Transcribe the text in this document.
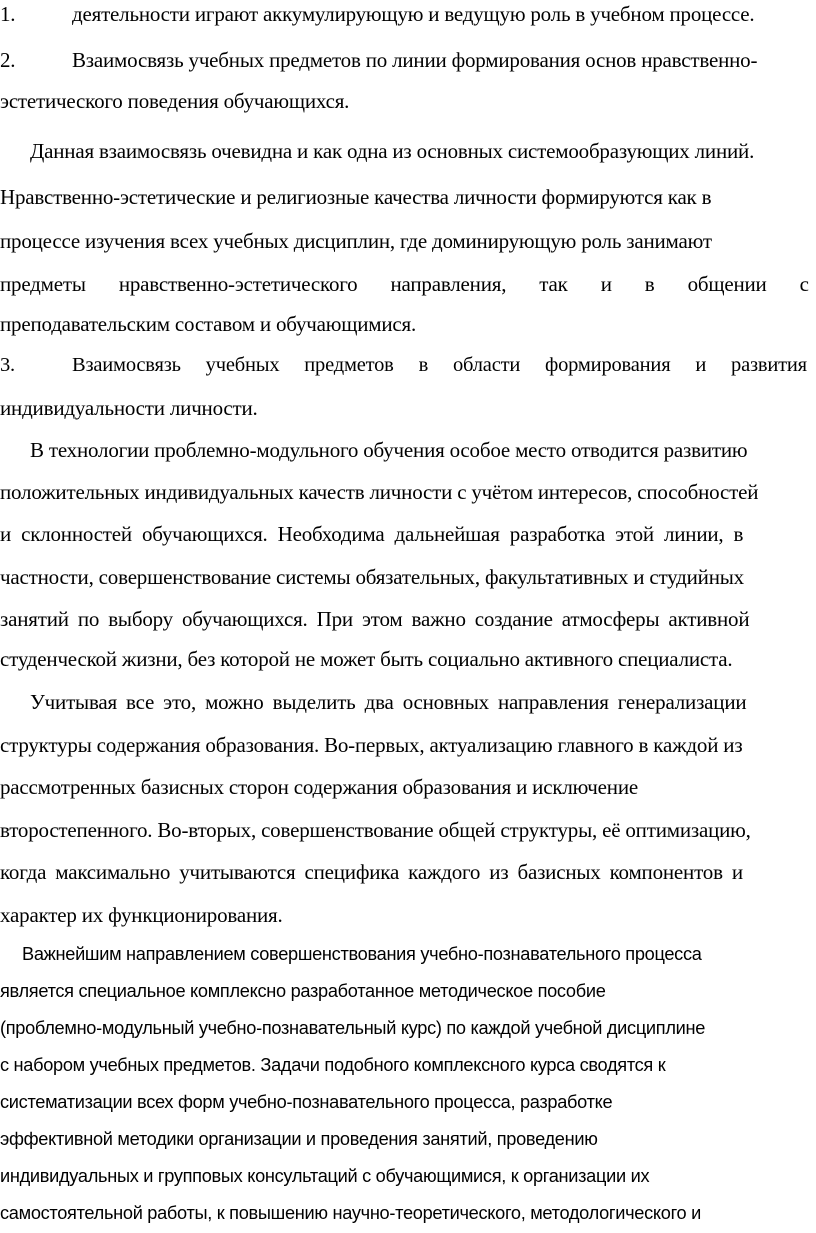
1.	деятельности играют аккумулирующую и ведущую роль в учебном процессе.
2.	Взаимосвязь учебных предметов по линии формирования основ нравственно-
эстетического поведения обучающихся.
Данная взаимосвязь очевидна и как одна из основных системообразующих линий.
Нравственно-эстетические и религиозные качества личности формируются как в
процессе изучения всех учебных дисциплин, где доминирующую роль занимают
предметы нравственно-эстетического направления, так и в общении с
преподавательским составом и обучающимися.
3.	Взаимосвязь учебных предметов в области формирования и развития
индивидуальности личности.
В технологии проблемно-модульного обучения особое место отводится развитию
положительных индивидуальных качеств личности с учётом интересов, способностей
и склонностей обучающихся. Необходима дальнейшая разработка этой линии, в
частности, совершенствование системы обязательных, факультативных и студийных
занятий по выбору обучающихся. При этом важно создание атмосферы активной
студенческой жизни, без которой не может быть социально активного специалиста.
Учитывая все это, можно выделить два основных направления генерализации
структуры содержания образования. Во-первых, актуализацию главного в каждой из
рассмотренных базисных сторон содержания образования и исключение
второстепенного. Во-вторых, совершенствование общей структуры, её оптимизацию,
когда максимально учитываются специфика каждого из базисных компонентов и
характер их функционирования.
Важнейшим направлением совершенствования учебно-познавательного процесса
является специальное комплексно разработанное методическое пособие
(проблемно-модульный учебно-познавательный курс) по каждой учебной дисциплине
с набором учебных предметов. Задачи подобного комплексного курса сводятся к
систематизации всех форм учебно-познавательного процесса, разработке
эффективной методики организации и проведения занятий, проведению
индивидуальных и групповых консультаций с обучающимися, к организации их
самостоятельной работы, к повышению научно-теоретического, методологического и
